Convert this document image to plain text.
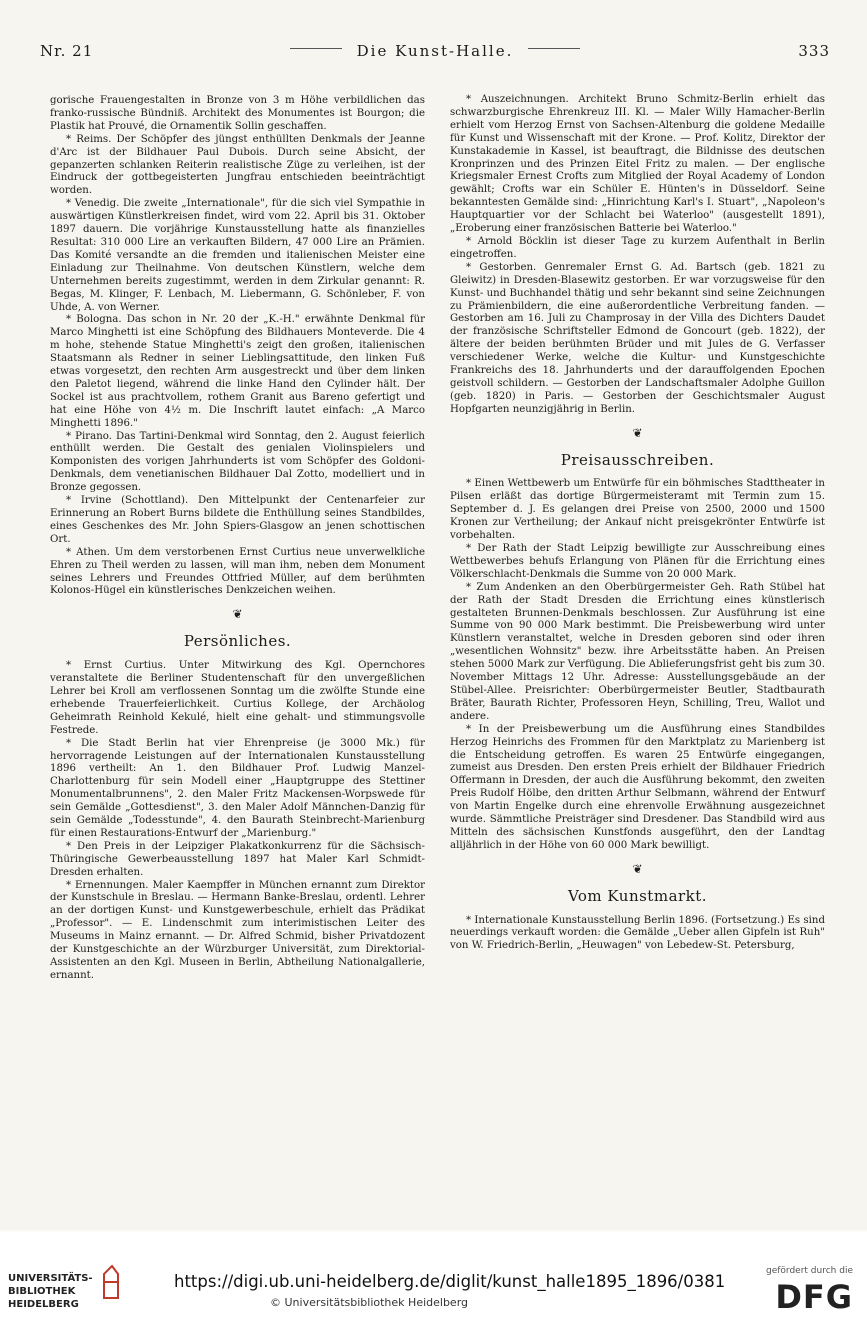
Nr. 21	Die Kunst-Halle.	333

gorische Frauengestalten in Bronze von 3 m Höhe verbildlichen das franko-russische Bündniß. Architekt des Monumentes ist Bourgon; die Plastik hat Prouvé, die Ornamentik Sollin geschaffen.

* Reims. Der Schöpfer des jüngst enthüllten Denkmals der Jeanne d'Arc ist der Bildhauer Paul Dubois. Durch seine Absicht, der gepanzerten schlanken Reiterin realistische Züge zu verleihen, ist der Eindruck der gottbegeisterten Jungfrau entschieden beeinträchtigt worden.

* Venedig. Die zweite „Internationale", für die sich viel Sympathie in auswärtigen Künstlerkreisen findet, wird vom 22. April bis 31. Oktober 1897 dauern. Die vorjährige Kunstausstellung hatte als finanzielles Resultat: 310 000 Lire an verkauften Bildern, 47 000 Lire an Prämien. Das Komité versandte an die fremden und italienischen Meister eine Einladung zur Theilnahme. Von deutschen Künstlern, welche dem Unternehmen bereits zugestimmt, werden in dem Zirkular genannt: R. Begas, M. Klinger, F. Lenbach, M. Liebermann, G. Schönleber, F. von Uhde, A. von Werner.

* Bologna. Das schon in Nr. 20 der „K.-H." erwähnte Denkmal für Marco Minghetti ist eine Schöpfung des Bildhauers Monteverde. Die 4 m hohe, stehende Statue Minghetti's zeigt den großen, italienischen Staatsmann als Redner in seiner Lieblingsattitude, den linken Fuß etwas vorgesetzt, den rechten Arm ausgestreckt und über dem linken den Paletot liegend, während die linke Hand den Cylinder hält. Der Sockel ist aus prachtvollem, rothem Granit aus Bareno gefertigt und hat eine Höhe von 4½ m. Die Inschrift lautet einfach: „A Marco Minghetti 1896."

* Pirano. Das Tartini-Denkmal wird Sonntag, den 2. August feierlich enthüllt werden. Die Gestalt des genialen Violinspielers und Komponisten des vorigen Jahrhunderts ist vom Schöpfer des Goldoni-Denkmals, dem venetianischen Bildhauer Dal Zotto, modelliert und in Bronze gegossen.

* Irvine (Schottland). Den Mittelpunkt der Centenarfeier zur Erinnerung an Robert Burns bildete die Enthüllung seines Standbildes, eines Geschenkes des Mr. John Spiers-Glasgow an jenen schottischen Ort.

* Athen. Um dem verstorbenen Ernst Curtius neue unverwelkliche Ehren zu Theil werden zu lassen, will man ihm, neben dem Monument seines Lehrers und Freundes Ottfried Müller, auf dem berühmten Kolonos-Hügel ein künstlerisches Denkzeichen weihen.

❦
Persönliches.

* Ernst Curtius. Unter Mitwirkung des Kgl. Opernchores veranstaltete die Berliner Studentenschaft für den unvergeßlichen Lehrer bei Kroll am verflossenen Sonntag um die zwölfte Stunde eine erhebende Trauerfeierlichkeit. Curtius Kollege, der Archäolog Geheimrath Reinhold Kekulé, hielt eine gehalt- und stimmungsvolle Festrede.

* Die Stadt Berlin hat vier Ehrenpreise (je 3000 Mk.) für hervorragende Leistungen auf der Internationalen Kunstausstellung 1896 vertheilt: An 1. den Bildhauer Prof. Ludwig Manzel-Charlottenburg für sein Modell einer „Hauptgruppe des Stettiner Monumentalbrunnens", 2. den Maler Fritz Mackensen-Worpswede für sein Gemälde „Gottesdienst", 3. den Maler Adolf Männchen-Danzig für sein Gemälde „Todesstunde", 4. den Baurath Steinbrecht-Marienburg für einen Restaurations-Entwurf der „Marienburg."

* Den Preis in der Leipziger Plakatkonkurrenz für die Sächsisch-Thüringische Gewerbeausstellung 1897 hat Maler Karl Schmidt-Dresden erhalten.

* Ernennungen. Maler Kaempffer in München ernannt zum Direktor der Kunstschule in Breslau. — Hermann Banke-Breslau, ordentl. Lehrer an der dortigen Kunst- und Kunstgewerbeschule, erhielt das Prädikat „Professor". — E. Lindenschmit zum interimistischen Leiter des Museums in Mainz ernannt. — Dr. Alfred Schmid, bisher Privatdozent der Kunstgeschichte an der Würzburger Universität, zum Direktorial-Assistenten an den Kgl. Museen in Berlin, Abtheilung Nationalgallerie, ernannt.

* Auszeichnungen. Architekt Bruno Schmitz-Berlin erhielt das schwarzburgische Ehrenkreuz III. Kl. — Maler Willy Hamacher-Berlin erhielt vom Herzog Ernst von Sachsen-Altenburg die goldene Medaille für Kunst und Wissenschaft mit der Krone. — Prof. Kolitz, Direktor der Kunstakademie in Kassel, ist beauftragt, die Bildnisse des deutschen Kronprinzen und des Prinzen Eitel Fritz zu malen. — Der englische Kriegsmaler Ernest Crofts zum Mitglied der Royal Academy of London gewählt; Crofts war ein Schüler E. Hünten's in Düsseldorf. Seine bekanntesten Gemälde sind: „Hinrichtung Karl's I. Stuart", „Napoleon's Hauptquartier vor der Schlacht bei Waterloo" (ausgestellt 1891), „Eroberung einer französischen Batterie bei Waterloo."

* Arnold Böcklin ist dieser Tage zu kurzem Aufenthalt in Berlin eingetroffen.

* Gestorben. Genremaler Ernst G. Ad. Bartsch (geb. 1821 zu Gleiwitz) in Dresden-Blasewitz gestorben. Er war vorzugsweise für den Kunst- und Buchhandel thätig und sehr bekannt sind seine Zeichnungen zu Prämienbildern, die eine außerordentliche Verbreitung fanden. — Gestorben am 16. Juli zu Champrosay in der Villa des Dichters Daudet der französische Schriftsteller Edmond de Goncourt (geb. 1822), der ältere der beiden berühmten Brüder und mit Jules de G. Verfasser verschiedener Werke, welche die Kultur- und Kunstgeschichte Frankreichs des 18. Jahrhunderts und der darauffolgenden Epochen geistvoll schildern. — Gestorben der Landschaftsmaler Adolphe Guillon (geb. 1820) in Paris. — Gestorben der Geschichtsmaler August Hopfgarten neunzigjährig in Berlin.

❦
Preisausschreiben.

* Einen Wettbewerb um Entwürfe für ein böhmisches Stadttheater in Pilsen erläßt das dortige Bürgermeisteramt mit Termin zum 15. September d. J. Es gelangen drei Preise von 2500, 2000 und 1500 Kronen zur Vertheilung; der Ankauf nicht preisgekrönter Entwürfe ist vorbehalten.

* Der Rath der Stadt Leipzig bewilligte zur Ausschreibung eines Wettbewerbes behufs Erlangung von Plänen für die Errichtung eines Völkerschlacht-Denkmals die Summe von 20 000 Mark.

* Zum Andenken an den Oberbürgermeister Geh. Rath Stübel hat der Rath der Stadt Dresden die Errichtung eines künstlerisch gestalteten Brunnen-Denkmals beschlossen. Zur Ausführung ist eine Summe von 90 000 Mark bestimmt. Die Preisbewerbung wird unter Künstlern veranstaltet, welche in Dresden geboren sind oder ihren „wesentlichen Wohnsitz" bezw. ihre Arbeitsstätte haben. An Preisen stehen 5000 Mark zur Verfügung. Die Ablieferungsfrist geht bis zum 30. November Mittags 12 Uhr. Adresse: Ausstellungsgebäude an der Stübel-Allee. Preisrichter: Oberbürgermeister Beutler, Stadtbaurath Bräter, Baurath Richter, Professoren Heyn, Schilling, Treu, Wallot und andere.

* In der Preisbewerbung um die Ausführung eines Standbildes Herzog Heinrichs des Frommen für den Marktplatz zu Marienberg ist die Entscheidung getroffen. Es waren 25 Entwürfe eingegangen, zumeist aus Dresden. Den ersten Preis erhielt der Bildhauer Friedrich Offermann in Dresden, der auch die Ausführung bekommt, den zweiten Preis Rudolf Hölbe, den dritten Arthur Selbmann, während der Entwurf von Martin Engelke durch eine ehrenvolle Erwähnung ausgezeichnet wurde. Sämmtliche Preisträger sind Dresdener. Das Standbild wird aus Mitteln des sächsischen Kunstfonds ausgeführt, den der Landtag alljährlich in der Höhe von 60 000 Mark bewilligt.

❦
Vom Kunstmarkt.

* Internationale Kunstausstellung Berlin 1896. (Fortsetzung.) Es sind neuerdings verkauft worden: die Gemälde „Ueber allen Gipfeln ist Ruh" von W. Friedrich-Berlin, „Heuwagen" von Lebedew-St. Petersburg,

UNIVERSITÄTS-
BIBLIOTHEK
HEIDELBERG
https://digi.ub.uni-heidelberg.de/diglit/kunst_halle1895_1896/0381
© Universitätsbibliothek Heidelberg
gefördert durch die
DFG
